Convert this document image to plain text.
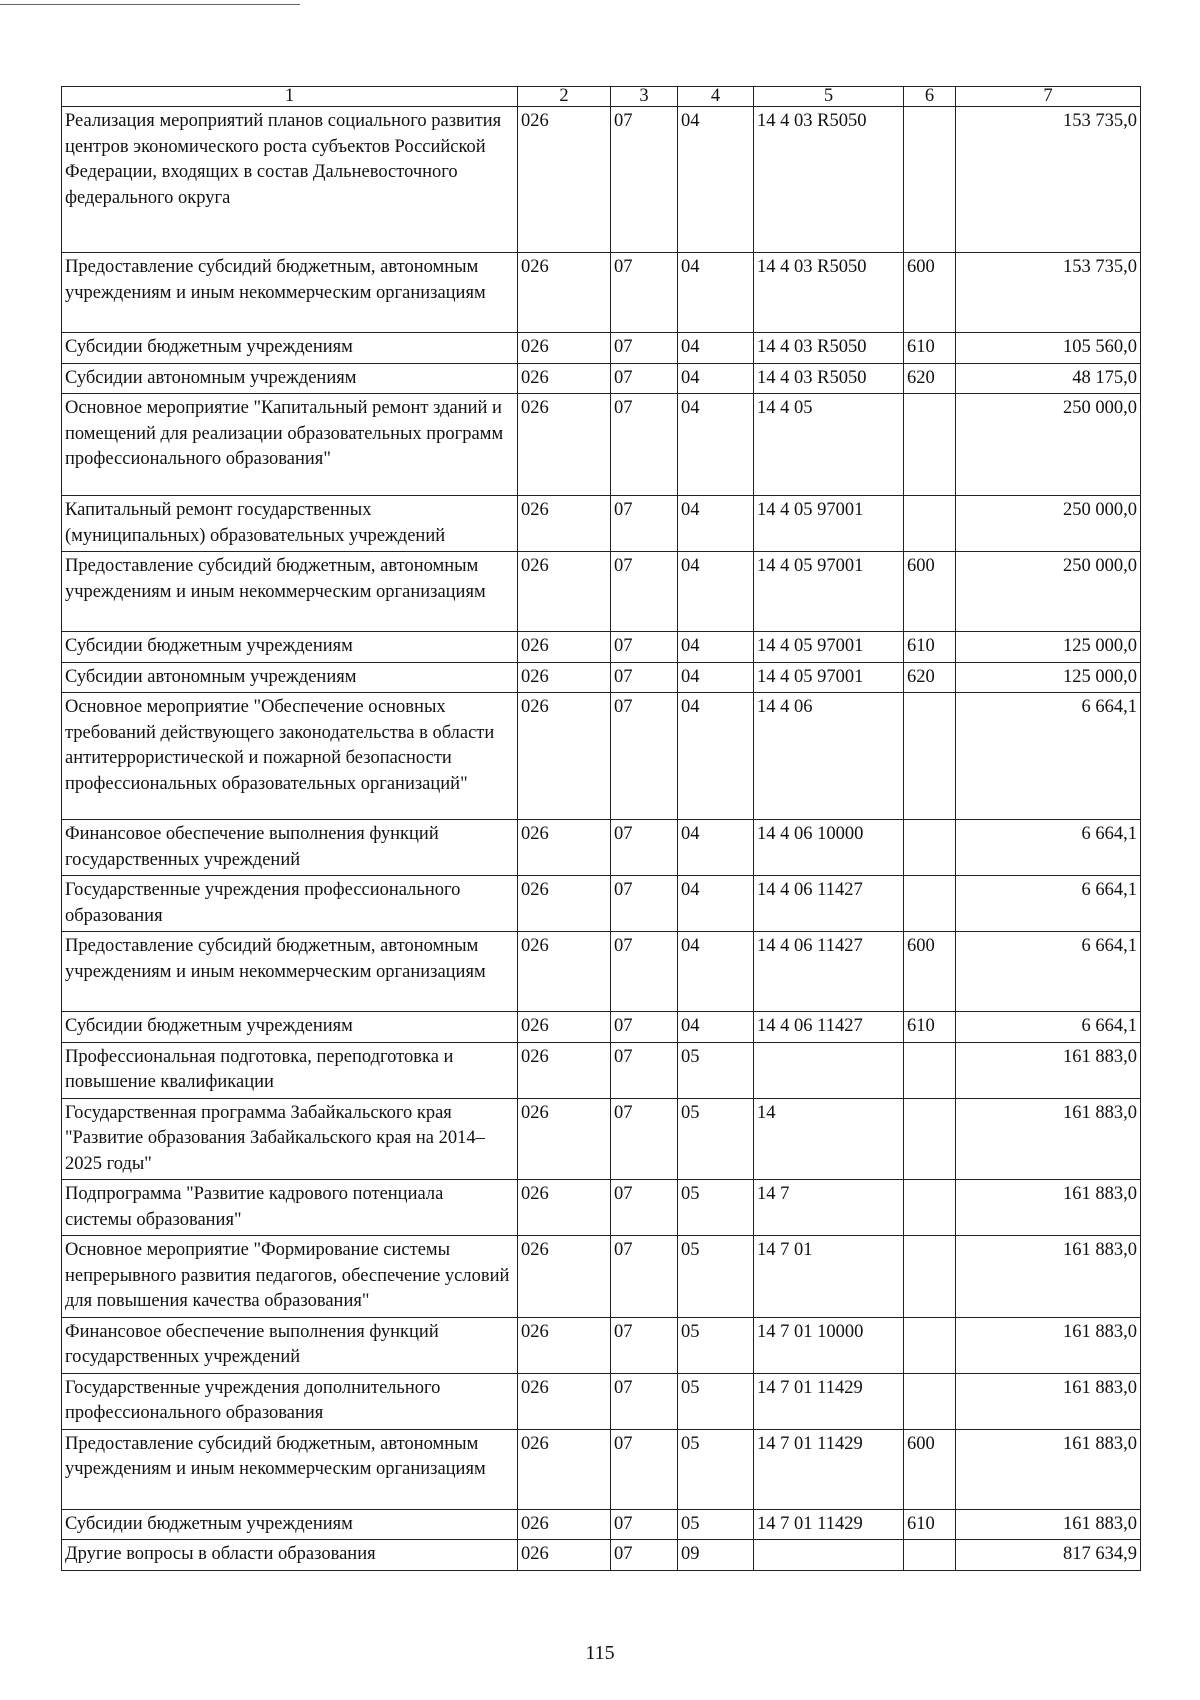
1	2	3	4	5	6	7
Реализация мероприятий планов социального развития центров экономического роста субъектов Российской Федерации, входящих в состав Дальневосточного федерального округа	026	07	04	14 4 03 R5050		153 735,0
Предоставление субсидий бюджетным, автономным учреждениям и иным некоммерческим организациям	026	07	04	14 4 03 R5050	600	153 735,0
Субсидии бюджетным учреждениям	026	07	04	14 4 03 R5050	610	105 560,0
Субсидии автономным учреждениям	026	07	04	14 4 03 R5050	620	48 175,0
Основное мероприятие "Капитальный ремонт зданий и помещений для реализации образовательных программ профессионального образования"	026	07	04	14 4 05		250 000,0
Капитальный ремонт государственных (муниципальных) образовательных учреждений	026	07	04	14 4 05 97001		250 000,0
Предоставление субсидий бюджетным, автономным учреждениям и иным некоммерческим организациям	026	07	04	14 4 05 97001	600	250 000,0
Субсидии бюджетным учреждениям	026	07	04	14 4 05 97001	610	125 000,0
Субсидии автономным учреждениям	026	07	04	14 4 05 97001	620	125 000,0
Основное мероприятие "Обеспечение основных требований действующего законодательства в области антитеррористической и пожарной безопасности профессиональных образовательных организаций"	026	07	04	14 4 06		6 664,1
Финансовое обеспечение выполнения функций государственных учреждений	026	07	04	14 4 06 10000		6 664,1
Государственные учреждения профессионального образования	026	07	04	14 4 06 11427		6 664,1
Предоставление субсидий бюджетным, автономным учреждениям и иным некоммерческим организациям	026	07	04	14 4 06 11427	600	6 664,1
Субсидии бюджетным учреждениям	026	07	04	14 4 06 11427	610	6 664,1
Профессиональная подготовка, переподготовка и повышение квалификации	026	07	05			161 883,0
Государственная программа Забайкальского края "Развитие образования Забайкальского края на 2014–2025 годы"	026	07	05	14		161 883,0
Подпрограмма "Развитие кадрового потенциала системы образования"	026	07	05	14 7		161 883,0
Основное мероприятие "Формирование системы непрерывного развития педагогов, обеспечение условий для повышения качества образования"	026	07	05	14 7 01		161 883,0
Финансовое обеспечение выполнения функций государственных учреждений	026	07	05	14 7 01 10000		161 883,0
Государственные учреждения дополнительного профессионального образования	026	07	05	14 7 01 11429		161 883,0
Предоставление субсидий бюджетным, автономным учреждениям и иным некоммерческим организациям	026	07	05	14 7 01 11429	600	161 883,0
Субсидии бюджетным учреждениям	026	07	05	14 7 01 11429	610	161 883,0
Другие вопросы в области образования	026	07	09			817 634,9
115
